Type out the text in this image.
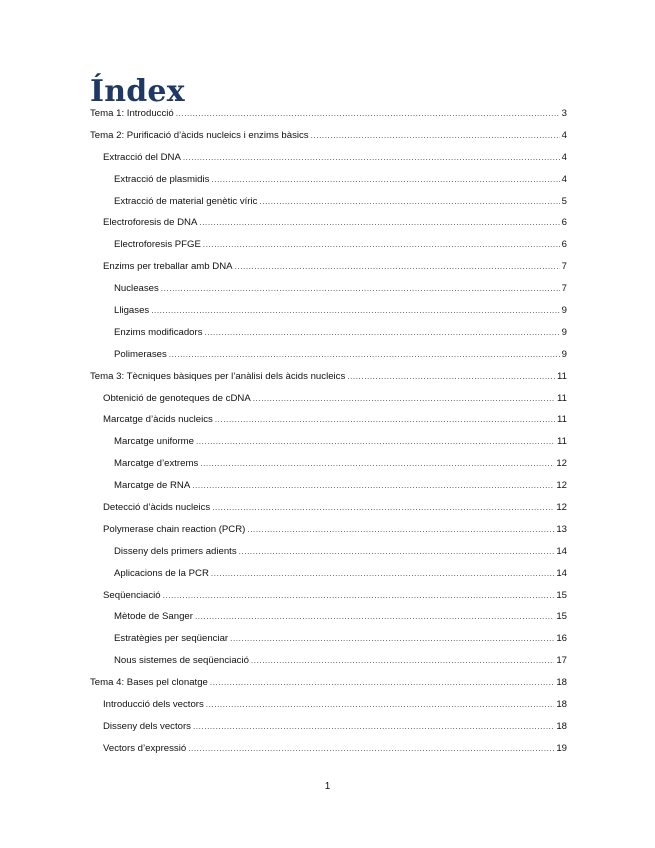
Índex
Tema 1: Introducció .....	3
Tema 2: Purificació d’àcids nucleics i enzims bàsics .....	4
Extracció del DNA .....	4
Extracció de plasmidis .....	4
Extracció de material genètic víric .....	5
Electroforesis de DNA .....	6
Electroforesis PFGE .....	6
Enzims per treballar amb DNA .....	7
Nucleases .....	7
Lligases .....	9
Enzims modificadors .....	9
Polimerases .....	9
Tema 3: Tècniques bàsiques per l’anàlisi dels àcids nucleics .....	11
Obtenició de genoteques de cDNA .....	11
Marcatge d’àcids nucleics .....	11
Marcatge uniforme .....	11
Marcatge d’extrems .....	12
Marcatge de RNA .....	12
Detecció d’àcids nucleics .....	12
Polymerase chain reaction (PCR) .....	13
Disseny dels primers adients .....	14
Aplicacions de la PCR .....	14
Seqüenciació .....	15
Mètode de Sanger .....	15
Estratègies per seqüenciar .....	16
Nous sistemes de seqüenciació .....	17
Tema 4: Bases pel clonatge .....	18
Introducció dels vectors .....	18
Disseny dels vectors .....	18
Vectors d’expressió .....	19
1
